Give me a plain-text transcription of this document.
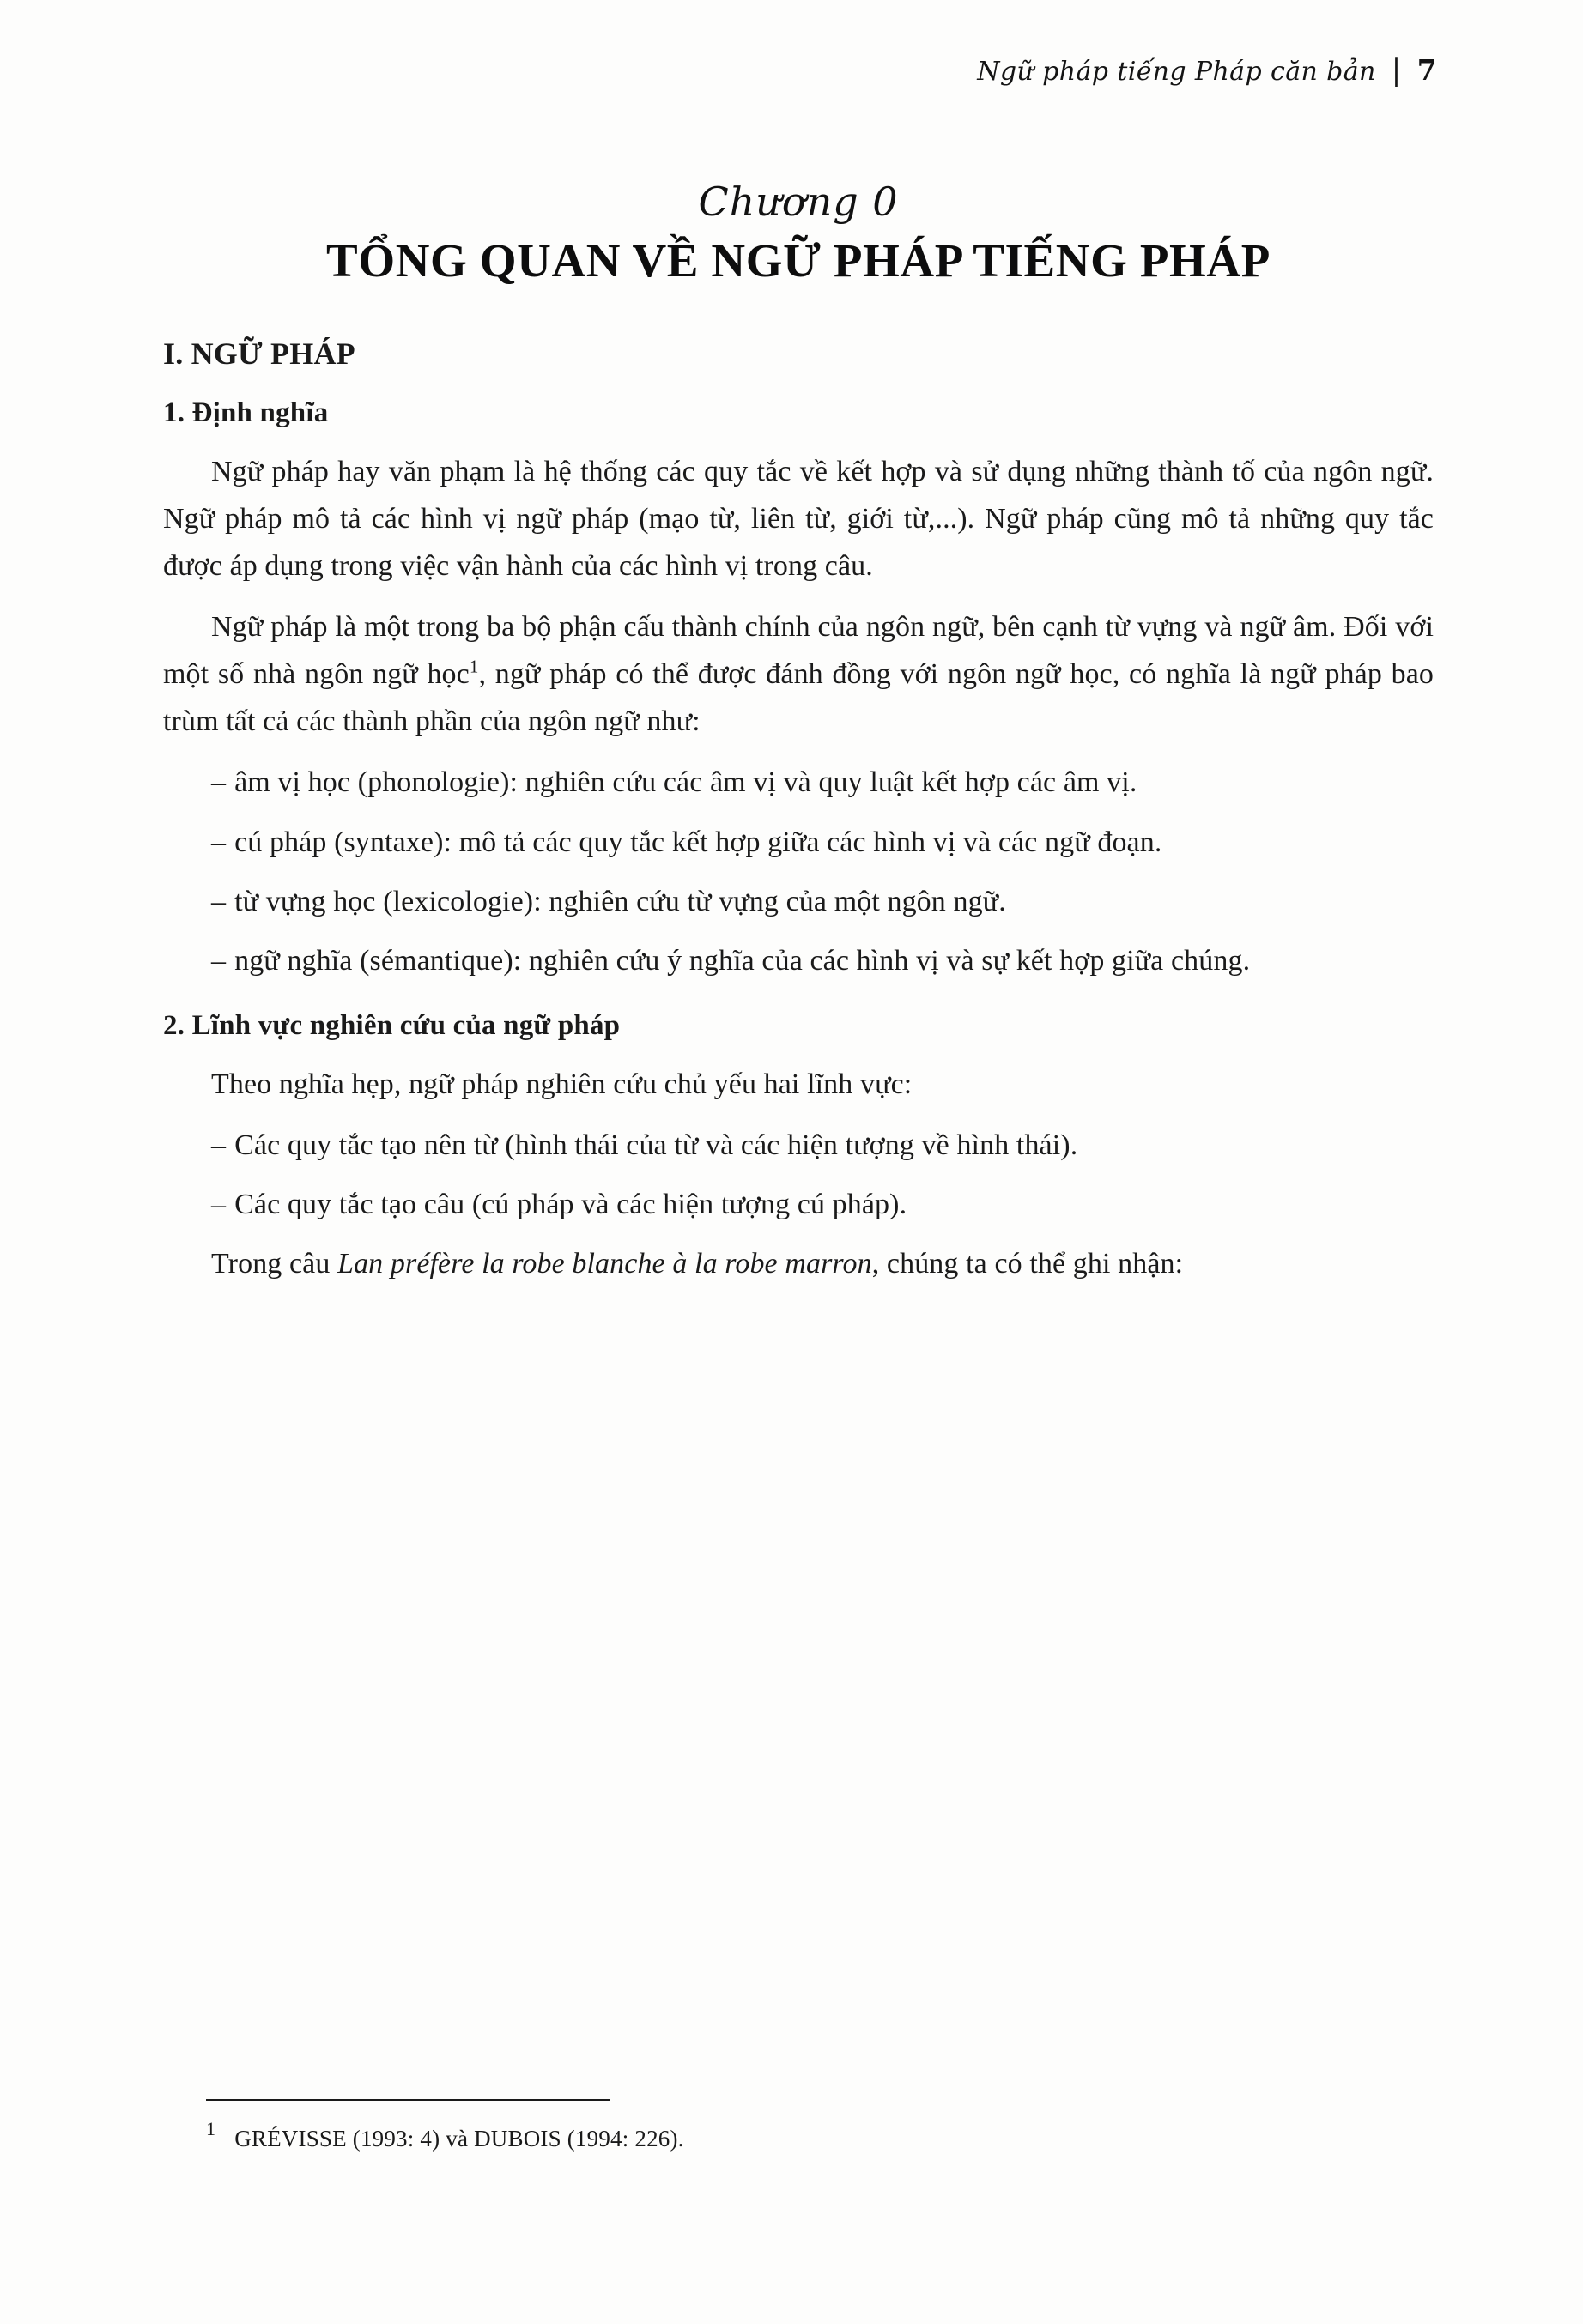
Ngữ pháp tiếng Pháp căn bản | 7
Chương 0
TỔNG QUAN VỀ NGỮ PHÁP TIẾNG PHÁP
I. NGỮ PHÁP
1. Định nghĩa

Ngữ pháp hay văn phạm là hệ thống các quy tắc về kết hợp và sử dụng những thành tố của ngôn ngữ. Ngữ pháp mô tả các hình vị ngữ pháp (mạo từ, liên từ, giới từ,...). Ngữ pháp cũng mô tả những quy tắc được áp dụng trong việc vận hành của các hình vị trong câu.

Ngữ pháp là một trong ba bộ phận cấu thành chính của ngôn ngữ, bên cạnh từ vựng và ngữ âm. Đối với một số nhà ngôn ngữ học$^1$, ngữ pháp có thể được đánh đồng với ngôn ngữ học, có nghĩa là ngữ pháp bao trùm tất cả các thành phần của ngôn ngữ như:

– âm vị học (phonologie): nghiên cứu các âm vị và quy luật kết hợp các âm vị.

– cú pháp (syntaxe): mô tả các quy tắc kết hợp giữa các hình vị và các ngữ đoạn.

– từ vựng học (lexicologie): nghiên cứu từ vựng của một ngôn ngữ.

– ngữ nghĩa (sémantique): nghiên cứu ý nghĩa của các hình vị và sự kết hợp giữa chúng.

2. Lĩnh vực nghiên cứu của ngữ pháp

Theo nghĩa hẹp, ngữ pháp nghiên cứu chủ yếu hai lĩnh vực:

– Các quy tắc tạo nên từ (hình thái của từ và các hiện tượng về hình thái).

– Các quy tắc tạo câu (cú pháp và các hiện tượng cú pháp).

Trong câu Lan préfère la robe blanche à la robe marron, chúng ta có thể ghi nhận:

1 GRÉVISSE (1993: 4) và DUBOIS (1994: 226).
